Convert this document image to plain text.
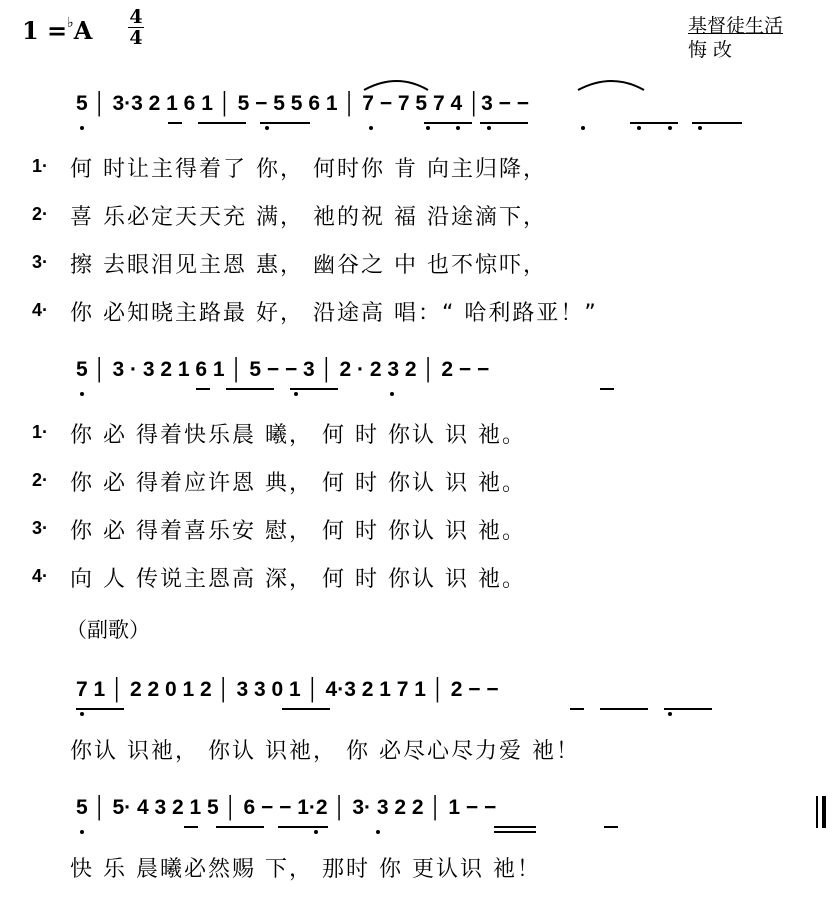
1 =♭A 4
4
基督徒生活
悔 改
5 │ 3·3 2 1 6 1 │ 5 − 5 5 6 1 │ 7 − 7 5 7 4 │3 − −
1· 何 时让主得着了 你， 何时你 肯 向主归降，
2· 喜 乐必定天天充 满， 祂的祝 福 沿途滴下，
3· 擦 去眼泪见主恩 惠， 幽谷之 中 也不惊吓，
4· 你 必知晓主路最 好， 沿途高 唱：“ 哈利路亚！”
5 │ 3 · 3 2 1 6 1 │ 5 − − 3 │ 2 · 2 3 2 │ 2 − −
1· 你 必 得着快乐晨 曦， 何 时 你认 识 祂。
2· 你 必 得着应许恩 典， 何 时 你认 识 祂。
3· 你 必 得着喜乐安 慰， 何 时 你认 识 祂。
4· 向 人 传说主恩高 深， 何 时 你认 识 祂。
（副歌）
7 1 │ 2 2 0 1 2 │ 3 3 0 1 │ 4·3 2 1 7 1 │ 2 − −
你认 识祂， 你认 识祂， 你 必尽心尽力爱 祂！
5 │ 5· 4 3 2 1 5 │ 6 − − 1·2 │ 3· 3 2 2 │ 1 − −
快 乐 晨曦必然赐 下， 那时 你 更认识 祂！
